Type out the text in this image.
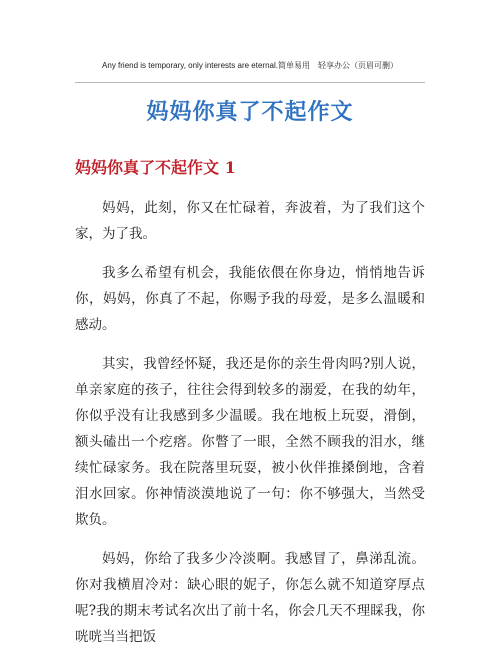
Any friend is temporary, only interests are eternal.简单易用　轻享办公（页眉可删）
妈妈你真了不起作文
妈妈你真了不起作文 1

妈妈，此刻，你又在忙碌着，奔波着，为了我们这个家，为了我。

我多么希望有机会，我能依偎在你身边，悄悄地告诉你，妈妈，你真了不起，你赐予我的母爱，是多么温暖和感动。

其实，我曾经怀疑，我还是你的亲生骨肉吗?别人说，单亲家庭的孩子，往往会得到较多的溺爱，在我的幼年，你似乎没有让我感到多少温暖。我在地板上玩耍，滑倒，额头磕出一个疙瘩。你瞥了一眼，全然不顾我的泪水，继续忙碌家务。我在院落里玩耍，被小伙伴推搡倒地，含着泪水回家。你神情淡漠地说了一句：你不够强大，当然受欺负。

妈妈，你给了我多少冷淡啊。我感冒了，鼻涕乱流。你对我横眉冷对：缺心眼的妮子，你怎么就不知道穿厚点呢?我的期末考试名次出了前十名，你会几天不理睬我，你咣咣当当把饭
